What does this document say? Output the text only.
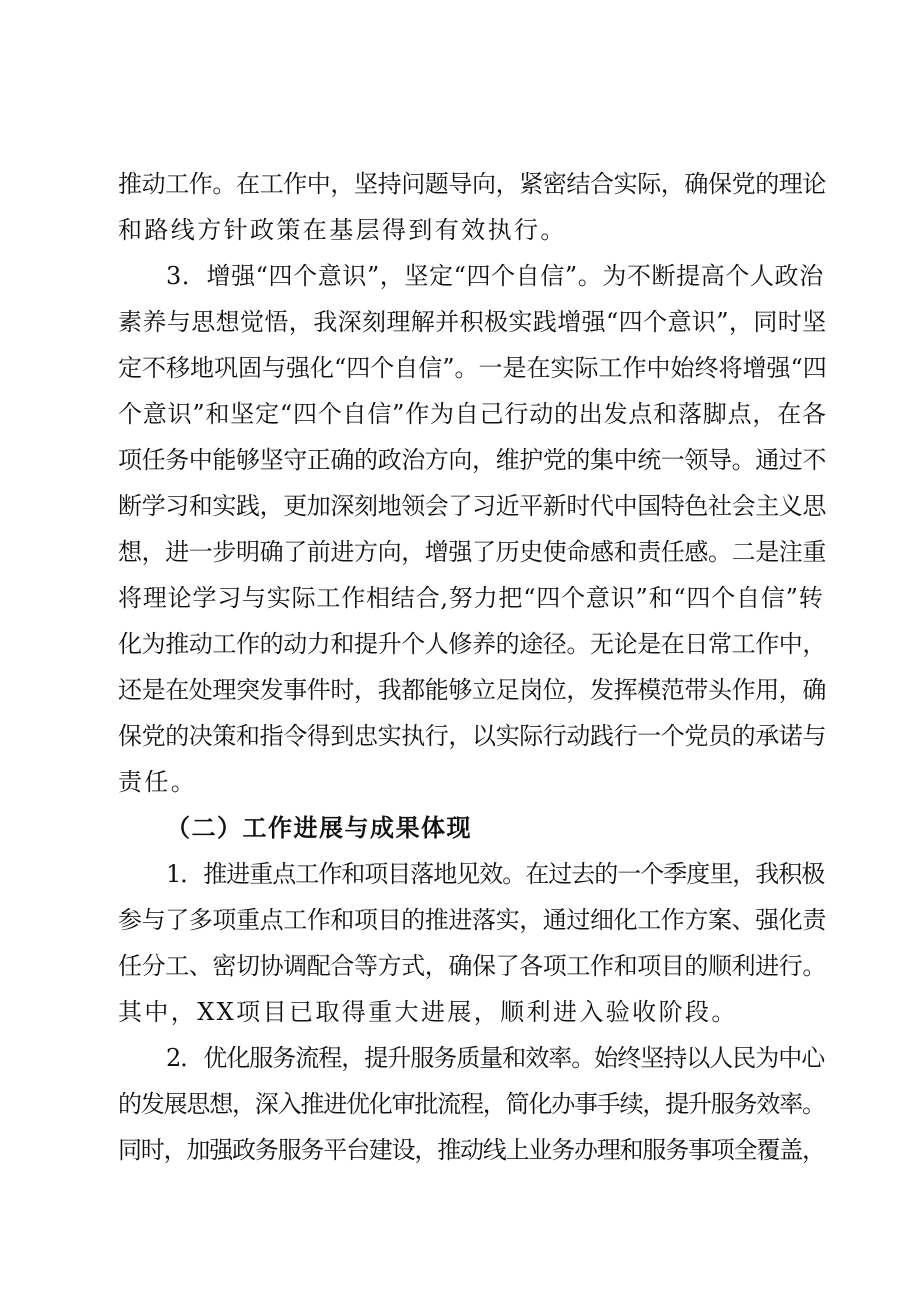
推动工作。在工作中，坚持问题导向，紧密结合实际，确保党的理论
和路线方针政策在基层得到有效执行。
3．增强“四个意识”，坚定“四个自信”。为不断提高个人政治
素养与思想觉悟，我深刻理解并积极实践增强“四个意识”，同时坚
定不移地巩固与强化“四个自信”。一是在实际工作中始终将增强“四
个意识”和坚定“四个自信”作为自己行动的出发点和落脚点，在各
项任务中能够坚守正确的政治方向，维护党的集中统一领导。通过不
断学习和实践，更加深刻地领会了习近平新时代中国特色社会主义思
想，进一步明确了前进方向，增强了历史使命感和责任感。二是注重
将理论学习与实际工作相结合,努力把“四个意识”和“四个自信”转
化为推动工作的动力和提升个人修养的途径。无论是在日常工作中，
还是在处理突发事件时，我都能够立足岗位，发挥模范带头作用，确
保党的决策和指令得到忠实执行，以实际行动践行一个党员的承诺与
责任。
（二）工作进展与成果体现
1．推进重点工作和项目落地见效。在过去的一个季度里，我积极
参与了多项重点工作和项目的推进落实，通过细化工作方案、强化责
任分工、密切协调配合等方式，确保了各项工作和项目的顺利进行。
其中，XX项目已取得重大进展，顺利进入验收阶段。
2．优化服务流程，提升服务质量和效率。始终坚持以人民为中心
的发展思想，深入推进优化审批流程，简化办事手续，提升服务效率。
同时，加强政务服务平台建设，推动线上业务办理和服务事项全覆盖，
